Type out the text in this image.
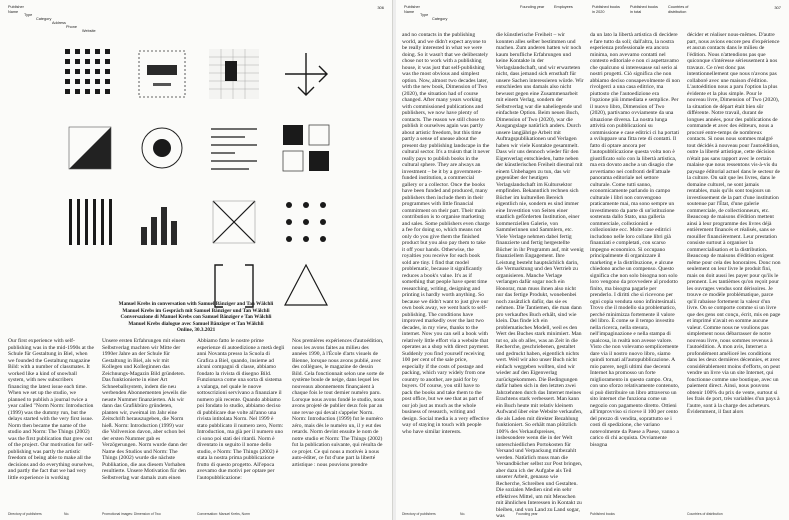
Publisher Name
Type
Category
Address
Phone
Website
306
Manuel Krebs in conversation with Samuel Bänziger and Tan Wälchli
Manuel Krebs im Gespräch mit Samuel Bänziger und Tan Wälchli
Conversazione di Manuel Krebs con Samuel Bänziger e Tan Wälchli
Manuel Krebs dialogue avec Samuel Bänziger et Tan Wälchli
Online, 30.3.2021
Our first experience with self-publishing was in the mid-1990s at the Schule für Gestaltung in Biel, when we founded the Gestaltung magazine Bild: with a number of classmates. It worked like a kind of snowball system, with new subscribers financing the latest issue each time. When we set up the studio, we planned to publish a journal twice a year called "Norm Norm: Introduction (1999) was the dummy run, but the delays started with the very first issue. Norm then became the name of the studio and Norm: The Things (2002) was the first publication that grew out of the project. Our motivation for self-publishing was partly the artistic freedom of being able to make all the decisions and do everything ourselves, and partly the fact that we had very little experience in working
Unsere ersten Erfahrungen mit einem Selbstverlag machten wir Mitte der 1990er Jahre an der Schule für Gestaltung in Biel, als wir mit Kollegen und Kolleginnen das Zeichnungs-Magazin Bild gründeten. Das funktionierte in einer Art Schneeballsystem, indem die neu werbenden Abonnementen jeweils die neuste Nummer finanzierten. Als wir dann das Grafikbüro gründeten, planten wir, zweimal im Jahr eine Zeitschrift herauszugeben, die Norm hieß. Norm: Introduction (1999) war die Vollversion davon, aber schon bei der ersten Nummer gab es Verzögerungen. Norm wurde dann der Name des Studios und Norm: The Things (2002) wurde die nächste Publikation, die aus diesem Vorhaben resultierte. Unsere Motivation für den Selbstverlag war damals zum einen
Abbiamo fatto le nostre prime esperienze di autoedizione a metà degli anni Novanta presso la Scuola di Grafica a Biel, quando, insieme ad alcuni compagni di classe, abbiamo fondato la rivista di disegno Bild. Funzionava come una sorta di sistema a valanga, nel quale le nuove sottoscrizioni servivano a finanziare il numero più recente. Quando abbiamo poi fondato lo studio, abbiamo deciso di pubblicare due volte all'anno una rivista intitolata Norm. Nel 1999 è stato pubblicato il numero zero, Norm: Introduction, ma già per il numero uno ci sono poi stati dei ritardi. Norm è diventato in seguito il nome dello studio, e Norm: The Things (2002) è stata la nostra prima pubblicazione frutto di questo progetto. All'epoca avevamo due motivi per optare per l'autopubblicazione:
Nos premières expériences d'autoédition, nous les avons faites au milieu des années 1990, à l'École d'arts visuels de Bienne, lorsque nous avons publié, avec des collègues, le magazine de dessin Bild. Cela fonctionnait selon une sorte de système boule de neige, dans lequel les nouveaux abonnements finançaient à chaque fois le tout dernier numéro paru. Lorsque nous avons fondé le studio, nous avons projeté de publier deux fois par an une revue qui devait s'appeler Norm. Norm: Introduction (1999) fut le numéro zéro, mais dès le numéro un, il y eut des retards. Norm devint ensuite le nom de notre studio et Norm: The Things (2002) fut la publication suivante, qui résulta de ce projet. Ce qui nous a motivés à nous auto-éditer, ce fut d'une part la liberté artistique : nous pouvions prendre
Directory of publishers	No.	Promotional images: Dimension of Two	Conversation: Manuel Krebs, Norm
Publisher Name
Type
Category
Founding year	Employees	Published books in 2020
Published books in total
Countries of distribution
307
and no contacts in the publishing world, and we didn't expect anyone to be really interested in what we were doing. So it wasn't that we deliberately chose not to work with a publishing house, it was just that self-publishing was the most obvious and simplest option. Now, almost two decades later, with the new book, Dimension of Two (2020), the situation had of course changed. After many years working with commissioned publications and publishers, we now have plenty of contacts. The reason we still chose to publish it ourselves again was partly about artistic freedom, but this time partly a sense of unease about the present day publishing landscape in the cultural sector. It's a truism that it never really pays to publish books in the cultural sphere. They are always an investment – be it by a government-funded institution, a commercial gallery or a collector. Once the books have been funded and produced, many publishers then include them in their programmes with little financial commitment on their part. Their main contribution is to organise marketing and sales. Some publishers even charge a fee for doing so, which means not only do you give them the finished product but you also pay them to take it off your hands. Otherwise, the royalties you receive for each book sold are tiny. I find that model problematic, because it significantly reduces a book's value. It's as if something that people have spent time researching, writing, designing and printing is hardly worth anything. So because we didn't want to just give our own book away, we went back to self-publishing. The conditions have improved markedly over the last two decades, in my view, thanks to the internet. Now you can sell a book with relatively little effort via a website that operates as a shop with direct payment. Suddenly you find yourself receiving 100 per cent of the sale price, especially if the costs of postage and packing, which vary widely from one country to another, are paid for by buyers. Of course, you still have to pack the books and take them to the post office, but we see that as part of our job just as much as the whole business of research, writing and design. Social media is a very effective way of staying in touch with people who have similar interests.
die künstlerische Freiheit – wir konnten alles selber bestimmen und machen. Zum anderen hatten wir noch kaum berufliche Erfahrungen und keine Kontakte in der Verlagslandschaft, und wir erwarteten nicht, dass jemand sich ernsthaft für unsere Sachen interessieren würde. Wir entschieden uns damals also nicht bewusst gegen eine Zusammenarbeit mit einem Verlag, sondern der Selbstverlag war die naheliegende und einfachste Option. Beim neuen Buch, Dimension of Two (2020), war die Ausgangslage natürlich anders. Durch unsere langjährige Arbeit mit Auftragspublikationen und Verlagen haben wir viele Kontakte gesammelt. Dass wir uns dennoch wieder für den Eigenverlag entschieden, hatte neben der künstlerischen Freiheit diesmal mit einem Unbehagen zu tun, das wir gegenüber der heutigen Verlagslandschaft im Kultursektor empfinden. Bekanntlich rechnen sich Bücher im kulturellen Bereich eigentlich nie, sondern es sind immer eine Investition von Seiten einer staatlich geförderten Institution, einer kommerziellen Galerie, von Sammlerinnen und Sammlern, etc. Viele Verlage nehmen dabei fertig finanzierte und fertig hergestellte Bücher in ihr Programm auf, mit wenig finanziellem Engagement. Ihre Leistung besteht hauptsächlich darin, die Vermarktung und den Vertrieb zu organisieren. Manche Verlage verlangen dafür sogar noch ein Honorar, man muss ihnen also nicht nur das fertige Produkt, wonebenbei noch zusätzlich dafür, das sie es nehmen. Die Tantiemen, die man dann pro verkauftes Buch erhält, sind wie klein. Das finde ich ein problematisches Modell, weil es den Wert des Buches stark minimiert. Man tut so, als ob alles, was an Zeit in die Recherche, geschriebenen, gestaltet und gedruckt haben, eigentlich nichts wert. Weil wir also unser Buch nicht einfach weggeben wollten, sind wir wieder auf den Eigenverlag zurückgekommen. Die Bedingungen dafür haben sich in den letzten zwei Jahrzehnten durch das Internet meines Erachtens stark verbessert. Man kann ein Buch heute mit relativ kleinem Aufwand über eine Website verkaufen, die als Laden mit direkter Bezahlung funktioniert. So erhält man plötzlich 100% des Verkaufspreises, insbesondere wenn die in der Welt unterschiedlichen Portokosten für Versand und Verpackung mitbezahlt werden. Natürlich muss man die Versandbücher selbst zur Post bringen, aber dazu ich der Aufgabe als Teil unserer Arbeit, genauso wie Recherche, Schreiben und Gestalten. Die sozialen Medien sind ein sehr effektives Mittel, um mit Menschen mit ähnlichen Interessen in Kontakt zu bleiben, und von Land zu Land sogar, was
da un lato la libertà artistica di decidere e fare tutto da soli; dall'altra, la nostra esperienza professionale era ancora minima, non avevamo contatti nel contesto editoriale e non ci aspettavamo che qualcuno si interessasse sul serio ai nostri progetti. Ciò significa che non abbiamo deciso consapevolmente di non rivolgerci a una casa editrice, ma piuttosto che l'autoedizione era l'opzione più immediata e semplice. Per il nuovo libro, Dimension of Two (2020), partivamo ovviamente da una situazione diversa. La nostra lunga attività con pubblicazioni su commissione e case editrici ci ha portati a sviluppare una fitta rete di contatti. Il fatto di optare ancora per l'autopubblicazione questa volta non è giustificato solo con la libertà artistica, ma era dovuto anche a un disagio che avvertiamo nei confronti dell'attuale panorama editoriale nel settore culturale. Come tutti sanno, economicamente parlando in campo culturale i libri non convengono praticamente mai, ma sono sempre un investimento da parte di un'istituzione sostenuta dallo Stato, una galleria commerciale, collezionisti e collezioniste ecc. Molte case editrici includono nelle loro collane libri già finanziati e completati, con scarso impegno economico. Si occupano principalmente di organizzare il marketing e la distribuzione, e alcune chiedono anche un compenso. Questo significa che non solo bisogna non solo loro vengono da provvedere al prodotto finito, ma bisogna pagarle per prenderlo. I diritti che si ricevono per ogni copia venduta sono infinitesimali. Trovo che il modello sia problematico, perché minimizza fortemente il valore del libro. È come se il tempo investito nella ricerca, nella stesura, nell'impaginazione e nella stampa di qualcosa, in realtà non avesse valore. Visto che non volevamo semplicemente dare via il nostro nuovo libro, siamo quindi tornati all'autopubblicazione. A mio parere, negli ultimi due decenni Internet ha promosso un forte miglioramento in questo campo. Ora, con uno sforzo relativamente contenuto, si può distribuire un libro attraverso un sito internet che funziona come un negozio con pagamento diretto. Ottieni all'improvviso si riceve il 100 per cento del prezzo di vendita, soprattutto se i costi di spedizione, che variano notevolmente da Paese a Paese, vanno a carico di chi acquista. Ovviamente bisogna
décider et réaliser nous-mêmes. D'autre part, nous avions encore peu d'expérience et aucun contacts dans le milieu de l'édition. Nous n'attendions pas que quiconque s'intéresse sérieusement à nos travaux. Ce n'est donc pas intentionnellement que nous n'avons pas collaboré avec une maison d'édition. L'autoédition nous a paru l'option la plus évidente et la plus simple. Pour le nouveau livre, Dimension of Two (2020), la situation de départ était bien sûr différente. Notre travail, durant de longues années, pour des publications de commande et avec des éditeurs, nous a procuré entre-temps de nombreux contacts. Si nous nous sommes malgré tout décidés à nouveau pour l'autoédition, outre la liberté artistique, cette décision n'était pas sans rapport avec le certain malaise que nous ressentons vis-à-vis du paysage éditorial actuel dans le secteur de la culture. On sait que les livres, dans le domaine culturel, ne sont jamais rentables, mais qu'ils sont toujours un investissement de la part d'une institution soutenue par l'État, d'une galerie commerciale, de collectionneurs, etc. Beaucoup de maisons d'édition mettent ainsi à leur programme des livres déjà entièrement financés et réalisés, sans se mouiller financièrement. Leur prestation consiste surtout à organiser la commercialisation et la distribution. Beaucoup de maisons d'édition exigent même pour cela des honoraires. Donc non seulement on leur livre le produit fini, mais on doit aussi les payer pour qu'ils le prennent. Les tantièmes qu'on reçoit pour les ouvrages vendus sont dérisoires. Je trouve ce modèle problématique, parce qu'il rabaisse fortement la valeur d'un livre. On se comporte comme si un livre que des gens ont conçu, écrit, mis en page et imprimé n'avait en somme aucune valeur. Comme nous ne voulions pas simplement nous débarrasser de notre nouveau livre, nous sommes revenus à l'autoédition. À mon avis, Internet a profondément amélioré les conditions dans les deux dernières décennies, et avec considérablement moins d'efforts, on peut vendre un livre via un site Internet, qui fonctionne comme une boutique, avec un paiement direct. Ainsi, nous pouvons obtenir 100% du prix de vente, surtout si les frais de port, très variables d'un pays à l'autre, sont à la charge des acheteurs. Évidemment, il faut alors
Directory of publishers	No.	Founding year	Published books	Countries of distribution
